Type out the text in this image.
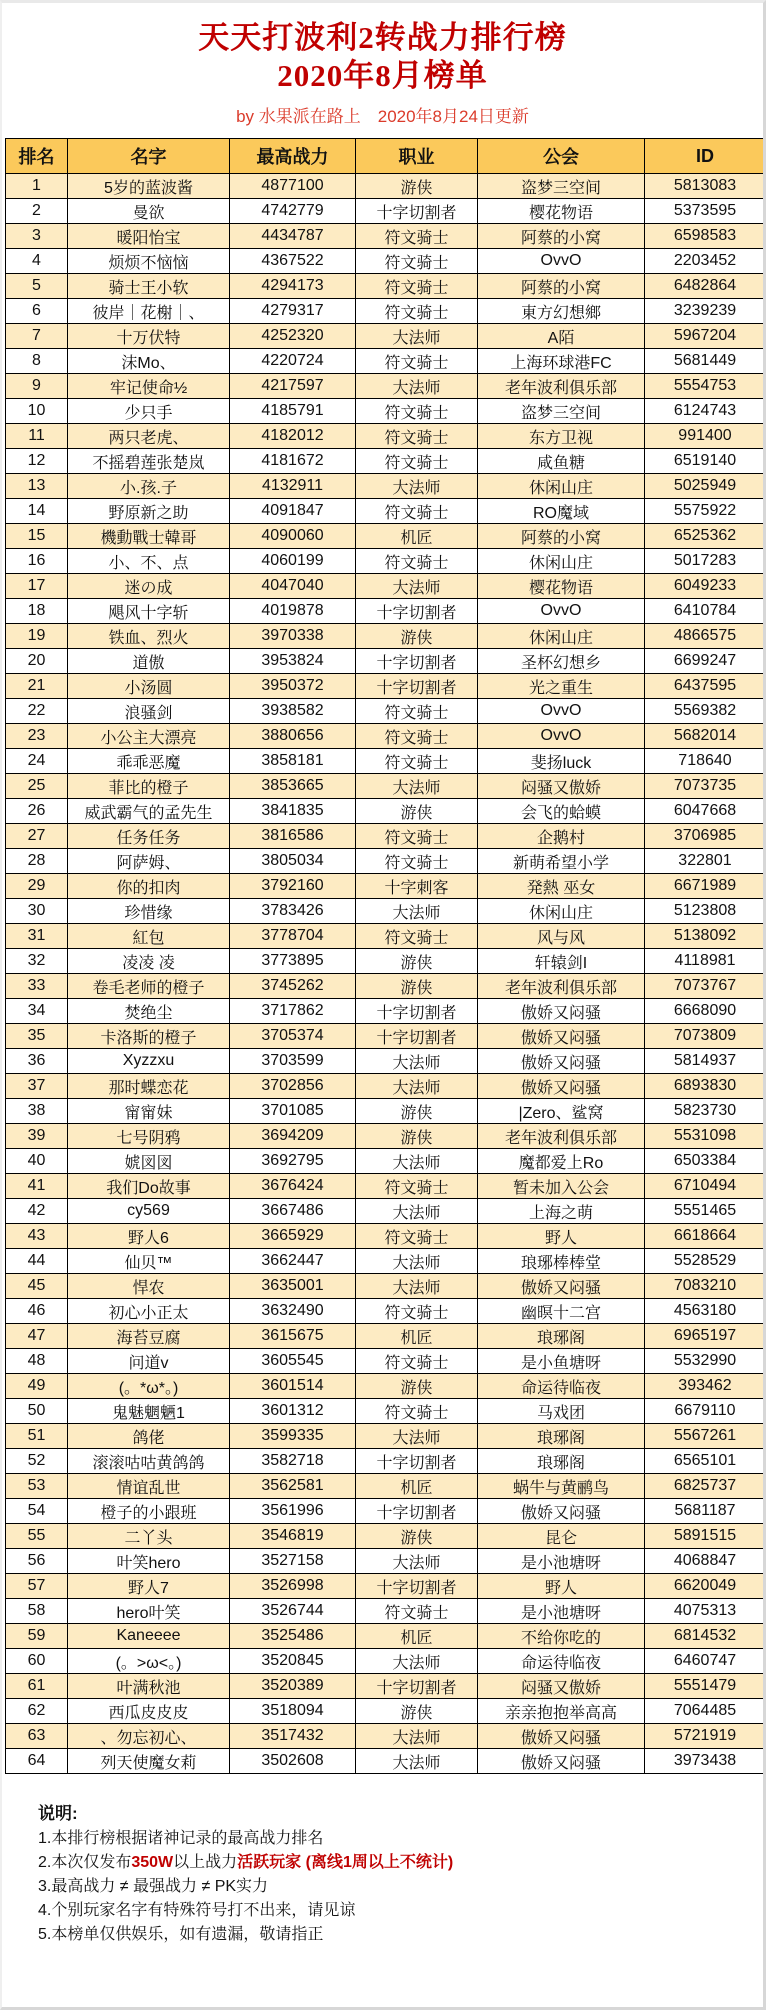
天天打波利2转战力排行榜
2020年8月榜单
by 水果派在路上　2020年8月24日更新
排名	名字	最高战力	职业	公会	ID
1	5岁的蓝波酱	4877100	游侠	盗梦三空间	5813083
2	曼欲	4742779	十字切割者	樱花物语	5373595
3	暖阳怡宝	4434787	符文骑士	阿蔡的小窝	6598583
4	烦烦不恼恼	4367522	符文骑士	OvvO	2203452
5	骑士王小软	4294173	符文骑士	阿蔡的小窝	6482864
6	彼岸｜花榭｜、	4279317	符文骑士	東方幻想鄉	3239239
7	十万伏特	4252320	大法师	A陌	5967204
8	沫Mo、	4220724	符文骑士	上海环球港FC	5681449
9	牢记使命½	4217597	大法师	老年波利俱乐部	5554753
10	少只手	4185791	符文骑士	盗梦三空间	6124743
11	两只老虎、	4182012	符文骑士	东方卫视	991400
12	不摇碧莲张楚岚	4181672	符文骑士	咸鱼糖	6519140
13	小.孩.子	4132911	大法师	休闲山庄	5025949
14	野原新之助	4091847	符文骑士	RO魔域	5575922
15	機動戰士韓哥	4090060	机匠	阿蔡的小窝	6525362
16	小、不、点	4060199	符文骑士	休闲山庄	5017283
17	迷の成	4047040	大法师	樱花物语	6049233
18	飓风十字斩	4019878	十字切割者	OvvO	6410784
19	铁血、烈火	3970338	游侠	休闲山庄	4866575
20	道傲	3953824	十字切割者	圣杯幻想乡	6699247
21	小汤圆	3950372	十字切割者	光之重生	6437595
22	浪骚剑	3938582	符文骑士	OvvO	5569382
23	小公主大漂亮	3880656	符文骑士	OvvO	5682014
24	乖乖恶魔	3858181	符文骑士	斐扬luck	718640
25	菲比的橙子	3853665	大法师	闷骚又傲娇	7073735
26	威武霸气的孟先生	3841835	游侠	会飞的蛤蟆	6047668
27	任务任务	3816586	符文骑士	企鹅村	3706985
28	阿萨姆、	3805034	符文骑士	新萌希望小学	322801
29	你的扣肉	3792160	十字刺客	発熱 巫女	6671989
30	珍惜缘	3783426	大法师	休闲山庄	5123808
31	紅包	3778704	符文骑士	风与风	5138092
32	凌凌 凌	3773895	游侠	轩辕剑I	4118981
33	卷毛老师的橙子	3745262	游侠	老年波利俱乐部	7073767
34	焚绝尘	3717862	十字切割者	傲娇又闷骚	6668090
35	卡洛斯的橙子	3705374	十字切割者	傲娇又闷骚	7073809
36	Xyzzxu	3703599	大法师	傲娇又闷骚	5814937
37	那时蝶恋花	3702856	大法师	傲娇又闷骚	6893830
38	甯甯妹	3701085	游侠	|Zero、鲨窝	5823730
39	七号阴鸦	3694209	游侠	老年波利俱乐部	5531098
40	婋図図	3692795	大法师	魔都爱上Ro	6503384
41	我们Do故事	3676424	符文骑士	暂未加入公会	6710494
42	cy569	3667486	大法师	上海之萌	5551465
43	野人6	3665929	符文骑士	野人	6618664
44	仙贝™	3662447	大法师	琅琊棒棒堂	5528529
45	悍农	3635001	大法师	傲娇又闷骚	7083210
46	初心小正太	3632490	符文骑士	幽暝十二宫	4563180
47	海苔豆腐	3615675	机匠	琅琊阁	6965197
48	问道v	3605545	符文骑士	是小鱼塘呀	5532990
49	(。*ω*。)	3601514	游侠	命运待临夜	393462
50	鬼魅魍魉1	3601312	符文骑士	马戏团	6679110
51	鸽佬	3599335	大法师	琅琊阁	5567261
52	滚滚咕咕黄鸽鸽	3582718	十字切割者	琅琊阁	6565101
53	情谊乱世	3562581	机匠	蜗牛与黄鹂鸟	6825737
54	橙子的小跟班	3561996	十字切割者	傲娇又闷骚	5681187
55	二丫头	3546819	游侠	昆仑	5891515
56	叶笑hero	3527158	大法师	是小池塘呀	4068847
57	野人7	3526998	十字切割者	野人	6620049
58	hero叶笑	3526744	符文骑士	是小池塘呀	4075313
59	Kaneeee	3525486	机匠	不给你吃的	6814532
60	(。>ω<。)	3520845	大法师	命运待临夜	6460747
61	叶满秋池	3520389	十字切割者	闷骚又傲娇	5551479
62	西瓜皮皮皮	3518094	游侠	亲亲抱抱举高高	7064485
63	、勿忘初心、	3517432	大法师	傲娇又闷骚	5721919
64	列天使魔女莉	3502608	大法师	傲娇又闷骚	3973438
说明:
1.本排行榜根据诸神记录的最高战力排名
2.本次仅发布350W以上战力活跃玩家 (离线1周以上不统计)
3.最高战力 ≠ 最强战力 ≠ PK实力
4.个别玩家名字有特殊符号打不出来，请见谅
5.本榜单仅供娱乐，如有遗漏，敬请指正
